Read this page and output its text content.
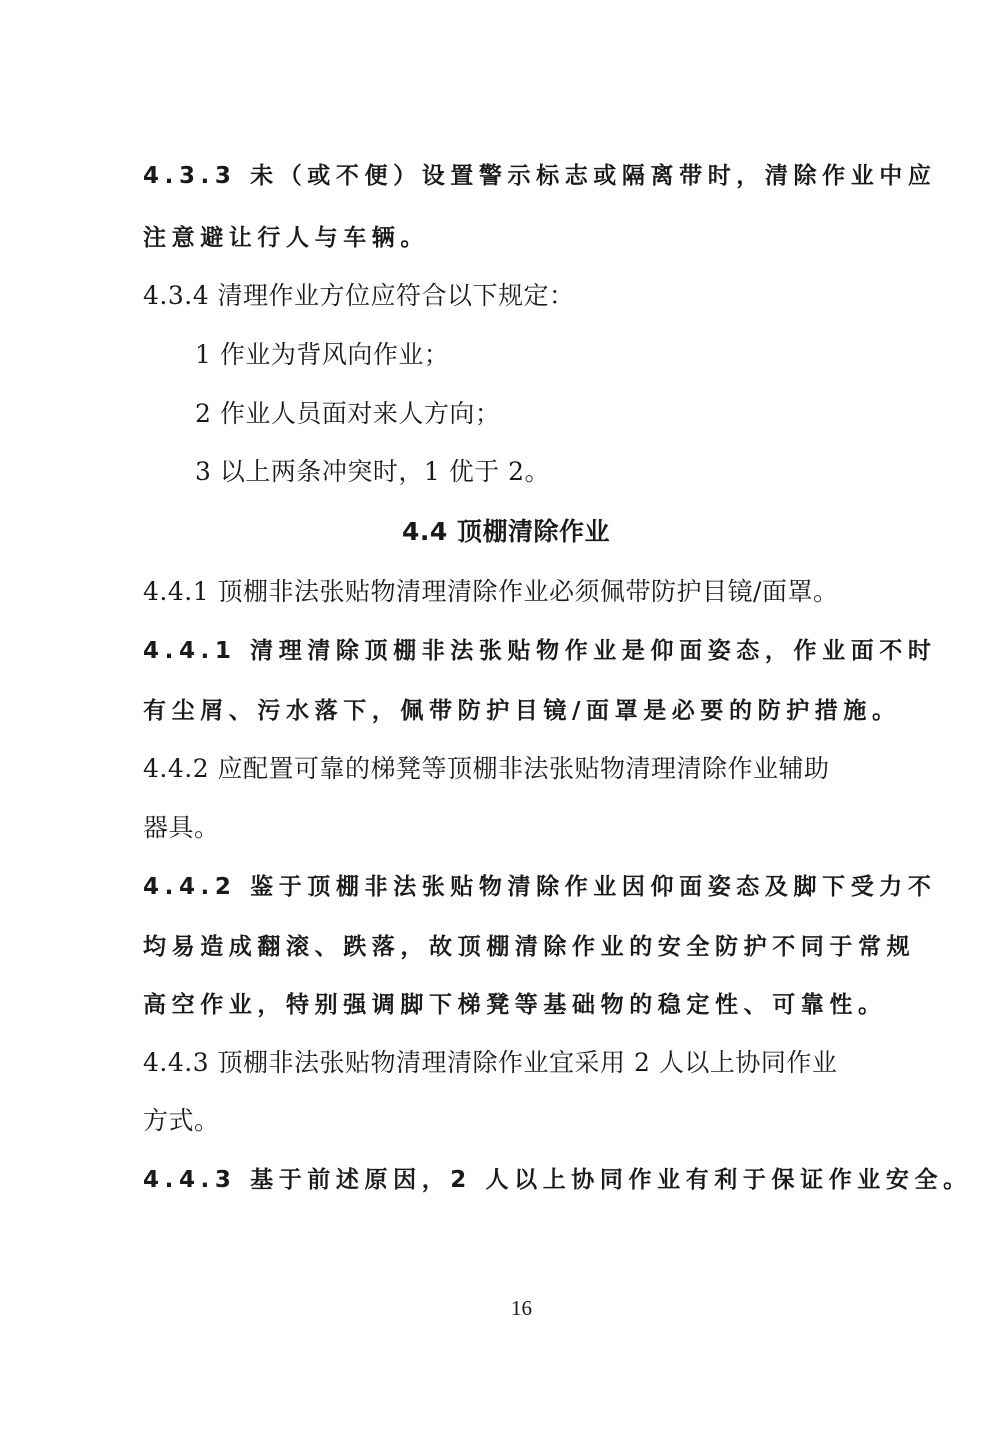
4.3.3 未（或不便）设置警示标志或隔离带时，清除作业中应

注意避让行人与车辆。

4.3.4 清理作业方位应符合以下规定：

1 作业为背风向作业；

2 作业人员面对来人方向；

3 以上两条冲突时，1 优于 2。

4.4 顶棚清除作业

4.4.1 顶棚非法张贴物清理清除作业必须佩带防护目镜/面罩。

4.4.1 清理清除顶棚非法张贴物作业是仰面姿态，作业面不时

有尘屑、污水落下，佩带防护目镜/面罩是必要的防护措施。

4.4.2 应配置可靠的梯凳等顶棚非法张贴物清理清除作业辅助

器具。

4.4.2 鉴于顶棚非法张贴物清除作业因仰面姿态及脚下受力不

均易造成翻滚、跌落，故顶棚清除作业的安全防护不同于常规

高空作业，特别强调脚下梯凳等基础物的稳定性、可靠性。

4.4.3 顶棚非法张贴物清理清除作业宜采用 2 人以上协同作业

方式。

4.4.3 基于前述原因，2 人以上协同作业有利于保证作业安全。

16
